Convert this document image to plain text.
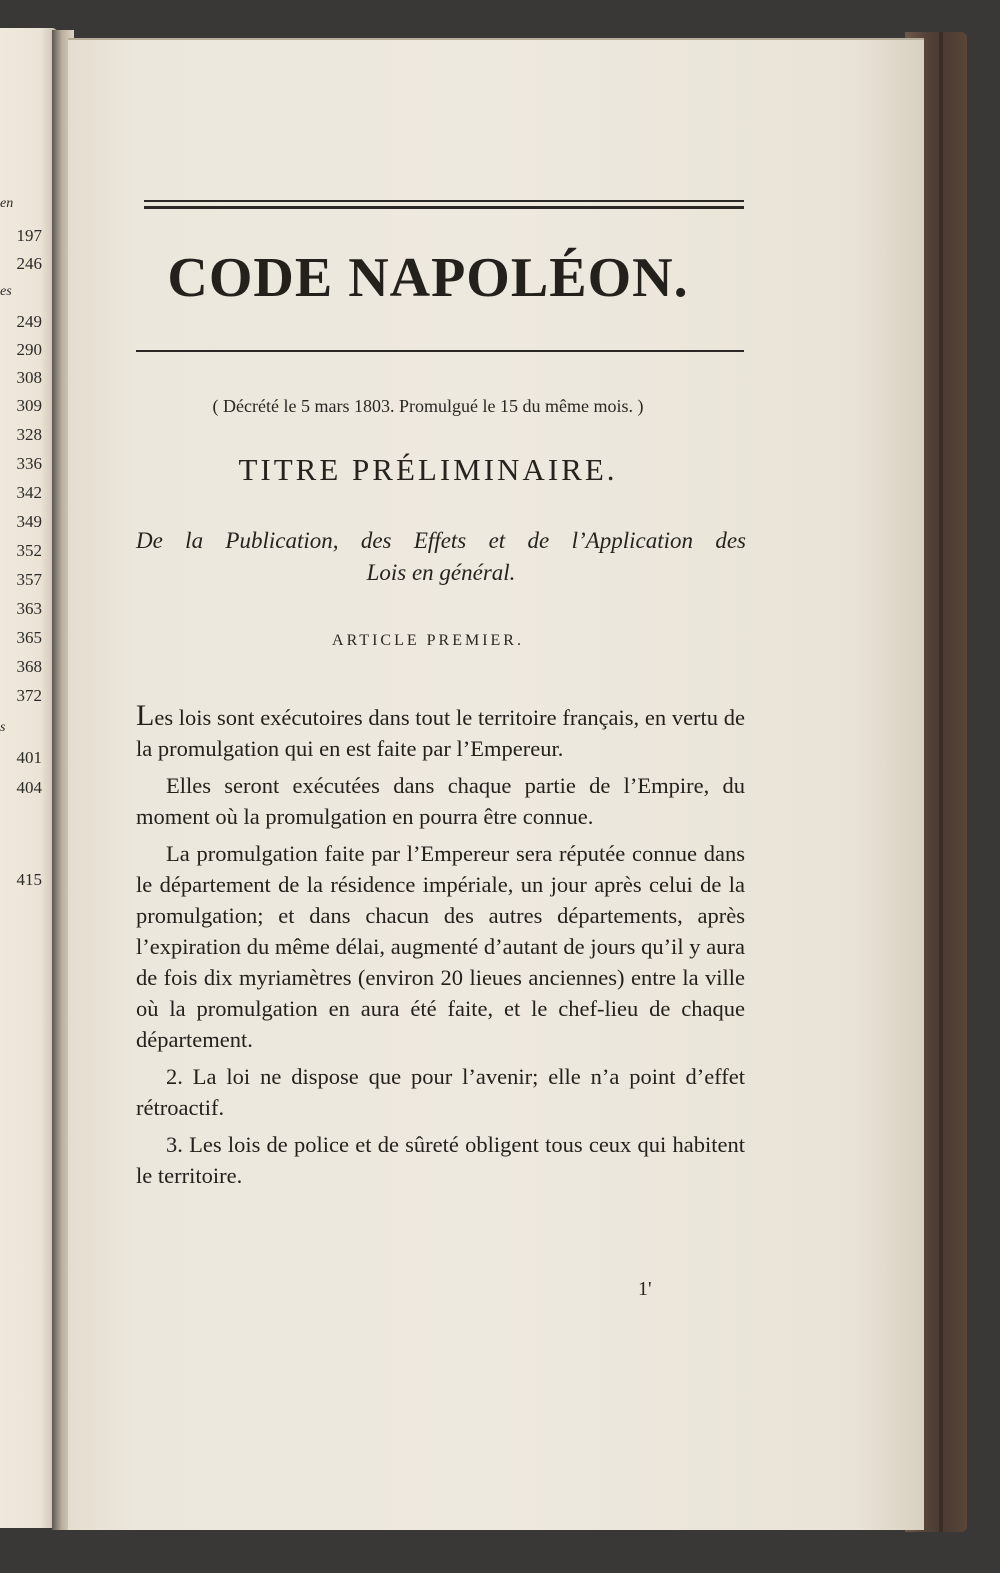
en
es
s
197
246
249
290
308
309
328
336
342
349
352
357
363
365
368
372
401
404
415
CODE NAPOLÉON.
( Décrété le 5 mars 1803. Promulgué le 15 du même mois. )
TITRE PRÉLIMINAIRE.
De la Publication, des Effets et de l’Application des
Lois en général.
ARTICLE PREMIER.

Les lois sont exécutoires dans tout le territoire français, en vertu de la promulgation qui en est faite par l’Empereur.

Elles seront exécutées dans chaque partie de l’Empire, du moment où la promulgation en pourra être connue.

La promulgation faite par l’Empereur sera réputée connue dans le département de la résidence impériale, un jour après celui de la promulgation; et dans chacun des autres départements, après l’expiration du même délai, augmenté d’autant de jours qu’il y aura de fois dix myriamètres (environ 20 lieues anciennes) entre la ville où la promulgation en aura été faite, et le chef-lieu de chaque département.

2. La loi ne dispose que pour l’avenir; elle n’a point d’effet rétroactif.

3. Les lois de police et de sûreté obligent tous ceux qui habitent le territoire.

1'
